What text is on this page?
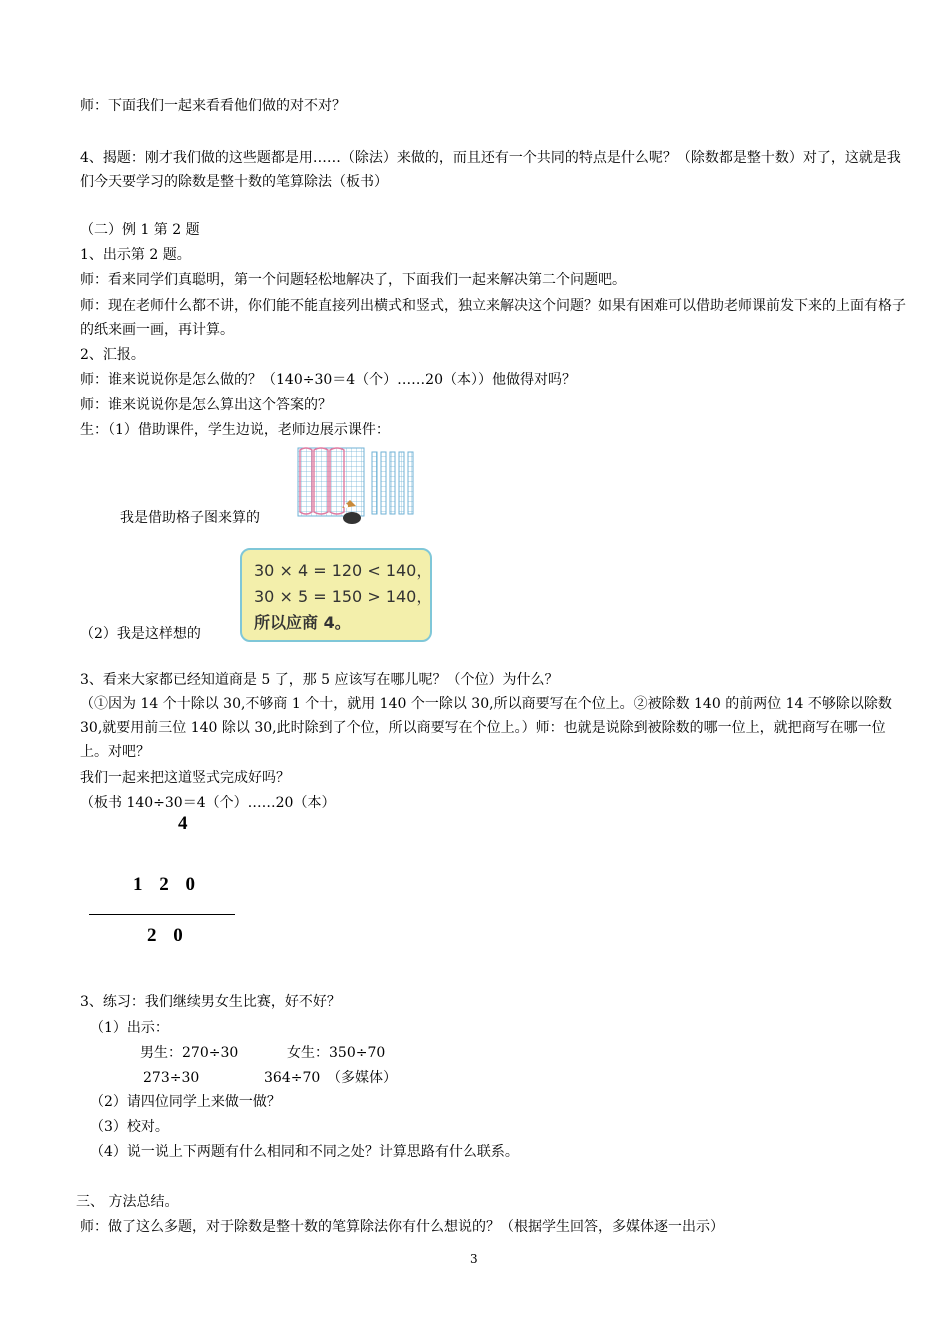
师：下面我们一起来看看他们做的对不对？
4、揭题：刚才我们做的这些题都是用……（除法）来做的，而且还有一个共同的特点是什么呢？（除数都是整十数）对了，这就是我们今天要学习的除数是整十数的笔算除法（板书）
（二）例 1 第 2 题
1、出示第 2 题。
师：看来同学们真聪明，第一个问题轻松地解决了，下面我们一起来解决第二个问题吧。
师：现在老师什么都不讲，你们能不能直接列出横式和竖式，独立来解决这个问题？如果有困难可以借助老师课前发下来的上面有格子的纸来画一画，再计算。
2、汇报。
师：谁来说说你是怎么做的？（140÷30＝4（个）……20（本））他做得对吗？
师：谁来说说你是怎么算出这个答案的？
生：（1）借助课件，学生边说，老师边展示课件：
我是借助格子图来算的
30 × 4 = 120 < 140，
30 × 5 = 150 > 140，
所以应商 4。
（2）我是这样想的
3、看来大家都已经知道商是 5 了，那 5 应该写在哪儿呢？（个位）为什么？
（①因为 14 个十除以 30,不够商 1 个十，就用 140 个一除以 30,所以商要写在个位上。②被除数 140 的前两位 14 不够除以除数 30,就要用前三位 140 除以 30,此时除到了个位，所以商要写在个位上。）师：也就是说除到被除数的哪一位上，就把商写在哪一位上。对吧？
我们一起来把这道竖式完成好吗？
（板书 140÷30＝4（个）……20（本）
4
1 2 0
2 0
3、练习：我们继续男女生比赛，好不好？
（1）出示：
男生：270÷30	女生：350÷70
273÷30	364÷70 （多媒体）
（2）请四位同学上来做一做？
（3）校对。
（4）说一说上下两题有什么相同和不同之处？计算思路有什么联系。
三、 方法总结。
师：做了这么多题，对于除数是整十数的笔算除法你有什么想说的？（根据学生回答，多媒体逐一出示）
3
